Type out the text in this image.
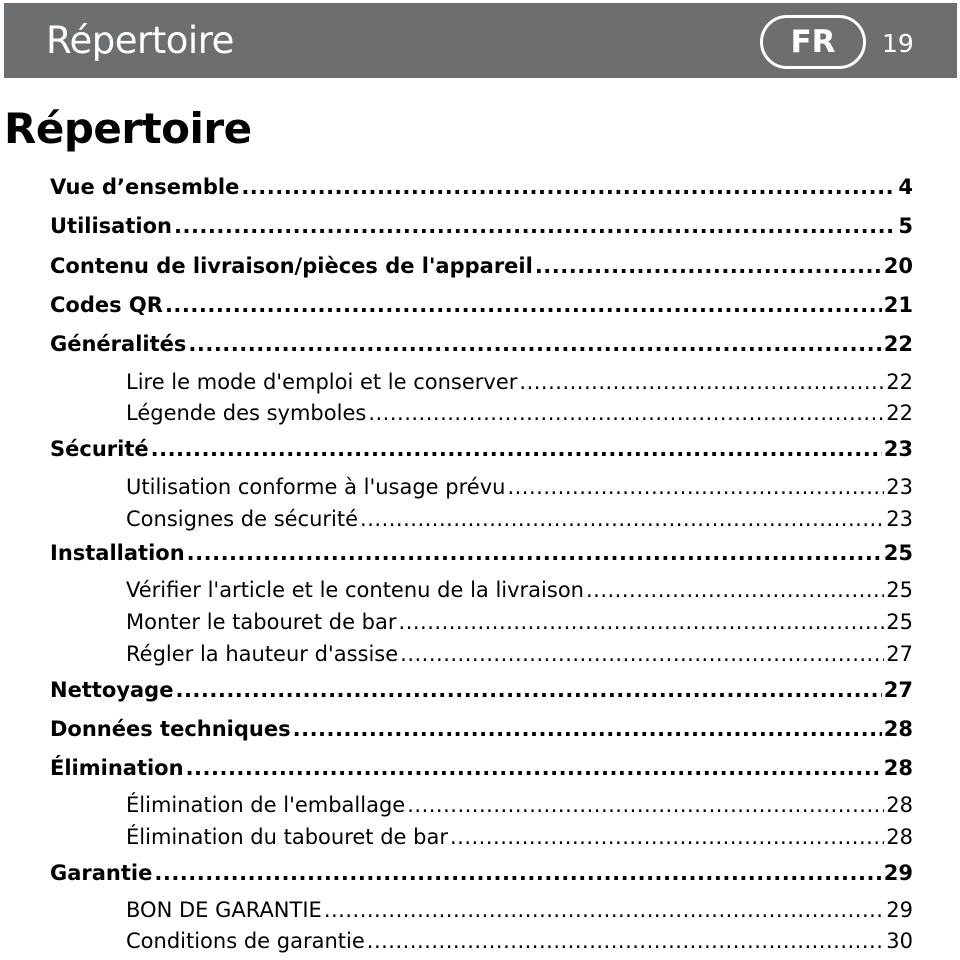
Répertoire	FR	19
Répertoire
Vue d’ensemble .....	4
Utilisation .....	5
Contenu de livraison/pièces de l'appareil .....	20
Codes QR .....	21
Généralités .....	22
Lire le mode d'emploi et le conserver .....	22
Légende des symboles .....	22
Sécurité .....	23
Utilisation conforme à l'usage prévu .....	23
Consignes de sécurité .....	23
Installation .....	25
Vérifier l'article et le contenu de la livraison .....	25
Monter le tabouret de bar .....	25
Régler la hauteur d'assise .....	27
Nettoyage .....	27
Données techniques .....	28
Élimination .....	28
Élimination de l'emballage .....	28
Élimination du tabouret de bar .....	28
Garantie .....	29
BON DE GARANTIE .....	29
Conditions de garantie .....	30
